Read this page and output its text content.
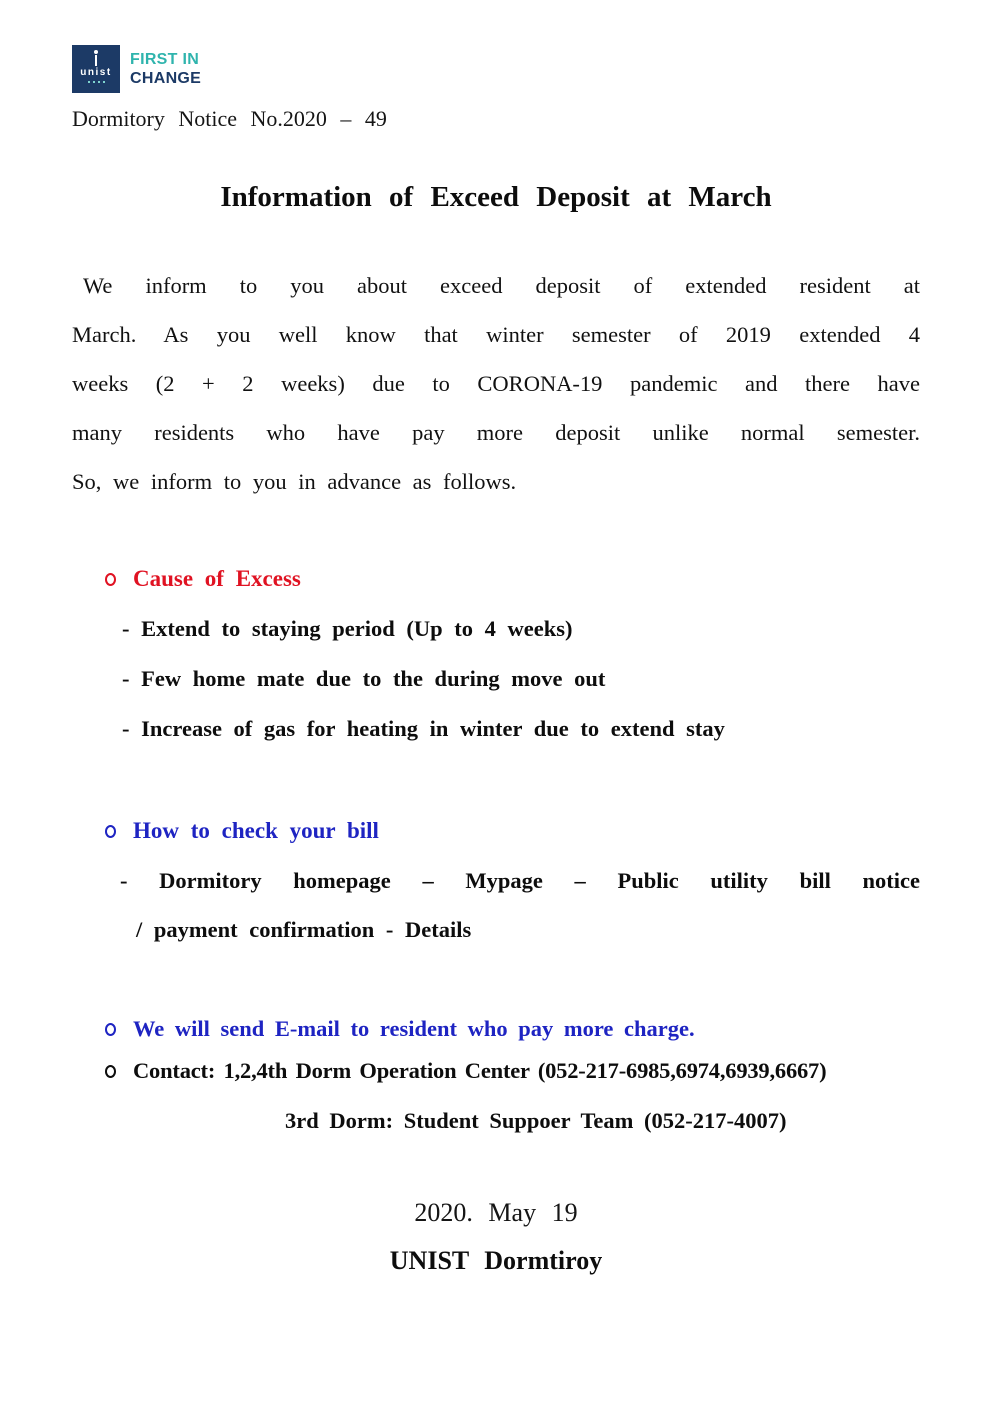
unist
FIRST IN
CHANGE
Dormitory Notice No.2020 – 49
Information of Exceed Deposit at March
We inform to you about exceed deposit of extended resident at
March. As you well know that winter semester of 2019 extended 4
weeks (2 + 2 weeks) due to CORONA-19 pandemic and there have
many residents who have pay more deposit unlike normal semester.
So, we inform to you in advance as follows.
Cause of Excess
- Extend to staying period (Up to 4 weeks)
- Few home mate due to the during move out
- Increase of gas for heating in winter due to extend stay
How to check your bill
- Dormitory homepage – Mypage – Public utility bill notice
/ payment confirmation - Details
We will send E-mail to resident who pay more charge.
Contact: 1,2,4th Dorm Operation Center (052-217-6985,6974,6939,6667)
3rd Dorm: Student Suppoer Team (052-217-4007)
2020. May 19
UNIST Dormtiroy
